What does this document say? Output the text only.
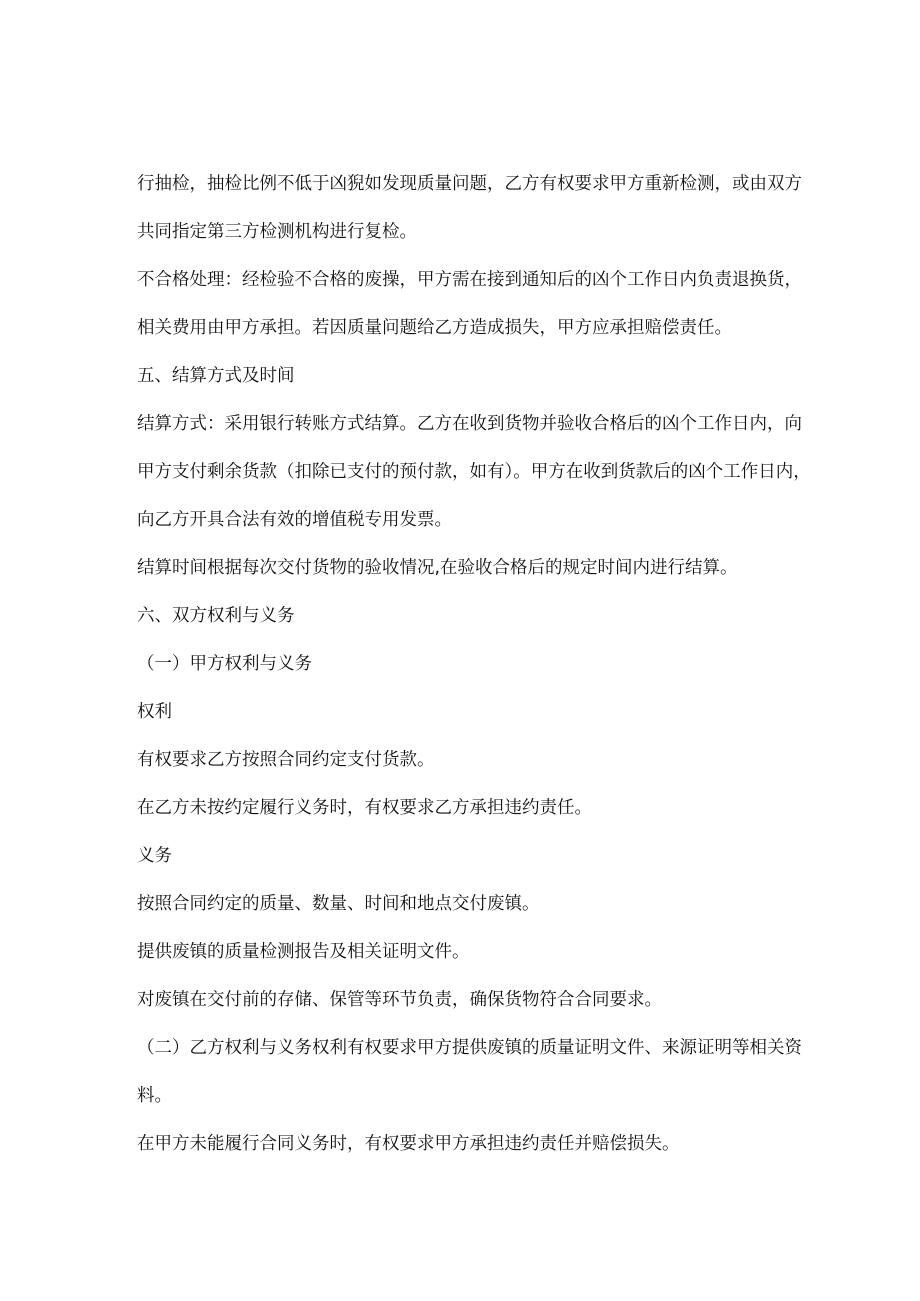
行抽检，抽检比例不低于凶猊如发现质量问题，乙方有权要求甲方重新检测，或由双方
共同指定第三方检测机构进行复检。
不合格处理：经检验不合格的废操，甲方需在接到通知后的凶个工作日内负责退换货，
相关费用由甲方承担。若因质量问题给乙方造成损失，甲方应承担赔偿责任。
五、结算方式及时间
结算方式：采用银行转账方式结算。乙方在收到货物并验收合格后的凶个工作日内，向
甲方支付剩余货款（扣除已支付的预付款，如有）。甲方在收到货款后的凶个工作日内，
向乙方开具合法有效的增值税专用发票。
结算时间根据每次交付货物的验收情况,在验收合格后的规定时间内进行结算。
六、双方权利与义务
（一）甲方权利与义务
权利
有权要求乙方按照合同约定支付货款。
在乙方未按约定履行义务时，有权要求乙方承担违约责任。
义务
按照合同约定的质量、数量、时间和地点交付废镇。
提供废镇的质量检测报告及相关证明文件。
对废镇在交付前的存储、保管等环节负责，确保货物符合合同要求。
（二）乙方权利与义务权利有权要求甲方提供废镇的质量证明文件、来源证明等相关资
料。
在甲方未能履行合同义务时，有权要求甲方承担违约责任并赔偿损失。
